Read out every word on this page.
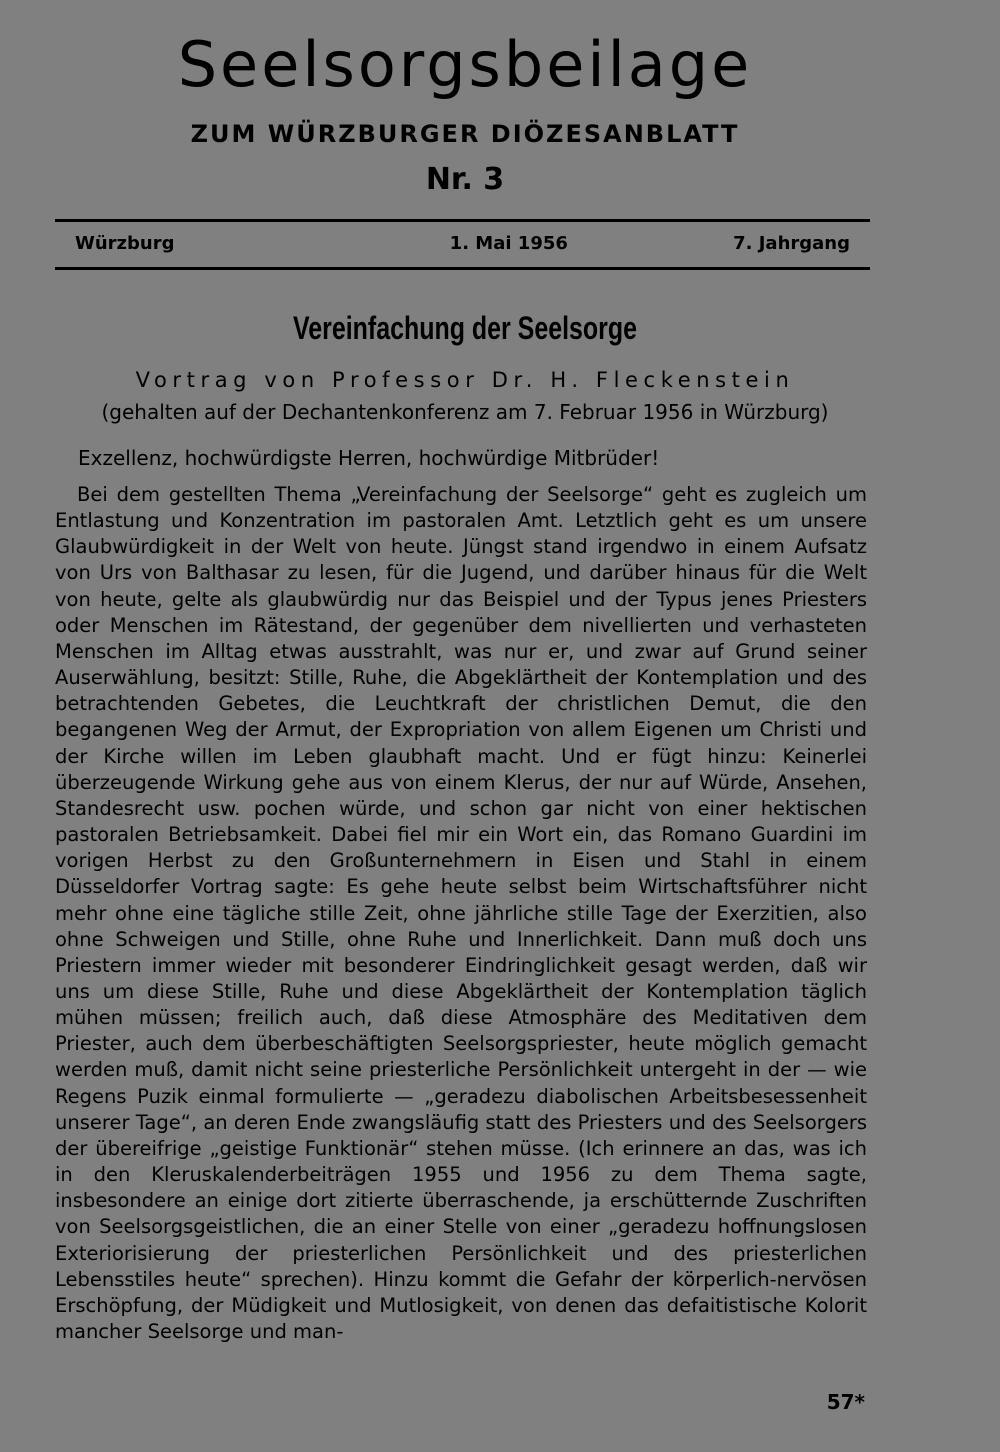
Seelsorgsbeilage
ZUM WÜRZBURGER DIÖZESANBLATT
Nr. 3
Würzburg	1. Mai 1956	7. Jahrgang
Vereinfachung der Seelsorge
Vortrag von Professor Dr. H. Fleckenstein
(gehalten auf der Dechantenkonferenz am 7. Februar 1956 in Würzburg)
Exzellenz, hochwürdigste Herren, hochwürdige Mitbrüder!
Bei dem gestellten Thema „Vereinfachung der Seelsorge“ geht es zugleich um Entlastung und Konzentration im pastoralen Amt. Letztlich geht es um unsere Glaubwürdigkeit in der Welt von heute. Jüngst stand irgendwo in einem Aufsatz von Urs von Balthasar zu lesen, für die Jugend, und darüber hinaus für die Welt von heute, gelte als glaubwürdig nur das Beispiel und der Typus jenes Priesters oder Menschen im Rätestand, der gegenüber dem nivellierten und verhasteten Menschen im Alltag etwas ausstrahlt, was nur er, und zwar auf Grund seiner Auserwählung, besitzt: Stille, Ruhe, die Abgeklärtheit der Kontemplation und des betrachtenden Gebetes, die Leuchtkraft der christlichen Demut, die den begangenen Weg der Armut, der Expropriation von allem Eigenen um Christi und der Kirche willen im Leben glaubhaft macht. Und er fügt hinzu: Keinerlei überzeugende Wirkung gehe aus von einem Klerus, der nur auf Würde, Ansehen, Standesrecht usw. pochen würde, und schon gar nicht von einer hektischen pastoralen Betriebsamkeit. Dabei fiel mir ein Wort ein, das Romano Guardini im vorigen Herbst zu den Großunternehmern in Eisen und Stahl in einem Düsseldorfer Vortrag sagte: Es gehe heute selbst beim Wirtschaftsführer nicht mehr ohne eine tägliche stille Zeit, ohne jährliche stille Tage der Exerzitien, also ohne Schweigen und Stille, ohne Ruhe und Innerlichkeit. Dann muß doch uns Priestern immer wieder mit besonderer Eindringlichkeit gesagt werden, daß wir uns um diese Stille, Ruhe und diese Abgeklärtheit der Kontemplation täglich mühen müssen; freilich auch, daß diese Atmosphäre des Meditativen dem Priester, auch dem überbeschäftigten Seelsorgspriester, heute möglich gemacht werden muß, damit nicht seine priesterliche Persönlichkeit untergeht in der — wie Regens Puzik einmal formulierte — „geradezu diabolischen Arbeitsbesessenheit unserer Tage“, an deren Ende zwangsläufig statt des Priesters und des Seelsorgers der übereifrige „geistige Funktionär“ stehen müsse. (Ich erinnere an das, was ich in den Kleruskalenderbeiträgen 1955 und 1956 zu dem Thema sagte, insbesondere an einige dort zitierte überraschende, ja erschütternde Zuschriften von Seelsorgsgeistlichen, die an einer Stelle von einer „geradezu hoffnungslosen Exteriorisierung der priesterlichen Persönlichkeit und des priesterlichen Lebensstiles heute“ sprechen). Hinzu kommt die Gefahr der körperlich-nervösen Erschöpfung, der Müdigkeit und Mutlosigkeit, von denen das defaitistische Kolorit mancher Seelsorge und man-
57*
